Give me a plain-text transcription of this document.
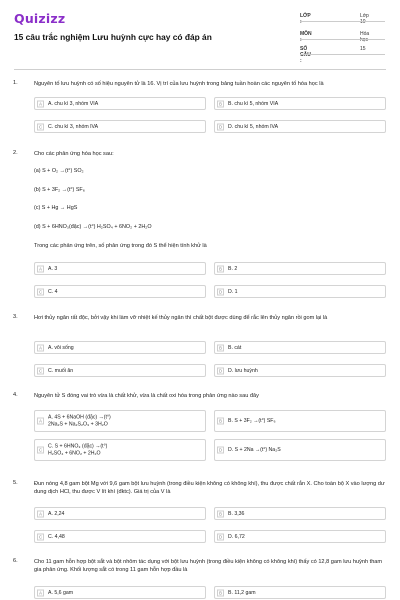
Quizizz
15 câu trắc nghiệm Lưu huỳnh cực hay có đáp án
LỚP :
Lớp 10
MÔN :
Hóa học
SỐ CÂU :
15
1.	Nguyên tố lưu huỳnh có số hiệu nguyên tử là 16. Vị trí của lưu huỳnh trong bảng tuần hoàn các nguyên tố hóa học là
A	A. chu kì 3, nhóm VIA	B	B. chu kì 5, nhóm VIA
C	C. chu kì 3, nhóm IVA	D	D. chu kì 5, nhóm IVA
2.	Cho các phản ứng hóa học sau:
(a) S + O₂ →(t°) SO₂
(b) S + 3F₂ →(t°) SF₆
(c) S + Hg → HgS
(d) S + 6HNO₃(đặc) →(t°) H₂SO₄ + 6NO₂ + 2H₂O
Trong các phản ứng trên, số phản ứng trong đó S thể hiện tính khử là
A	A. 3	B	B. 2
C	C. 4	D	D. 1
3.	Hơi thủy ngân rất độc, bởi vậy khi làm vỡ nhiệt kế thủy ngân thì chất bột được dùng để rắc lên thủy ngân rồi gom lại là
A	A. vôi sống	B	B. cát
C	C. muối ăn	D	D. lưu huỳnh
4.	Nguyên tử S đóng vai trò vừa là chất khử, vừa là chất oxi hóa trong phản ứng nào sau đây
A
A. 4S + 6NaOH (đặc) →(t°)
2Na₂S + Na₂S₂O₃ + 3H₂O
B	B. S + 3F₂ →(t°) SF₆
C
C. S + 6HNO₃ (đặc) →(t°)
H₂SO₄ + 6NO₂ + 2H₂O
D	D. S + 2Na →(t°) Na₂S
5.	Đun nóng 4,8 gam bột Mg với 9,6 gam bột lưu huỳnh (trong điều kiện không có không khí), thu được chất rắn X. Cho toàn bộ X vào lượng dư dung dịch HCl, thu được V lít khí (đktc). Giá trị của V là
A	A. 2,24	B	B. 3,36
C	C. 4,48	D	D. 6,72
6.	Cho 11 gam hỗn hợp bột sắt và bột nhôm tác dụng với bột lưu huỳnh (trong điều kiện không có không khí) thấy có 12,8 gam lưu huỳnh tham gia phản ứng. Khối lượng sắt có trong 11 gam hỗn hợp đầu là
A	A. 5,6 gam	B	B. 11,2 gam
